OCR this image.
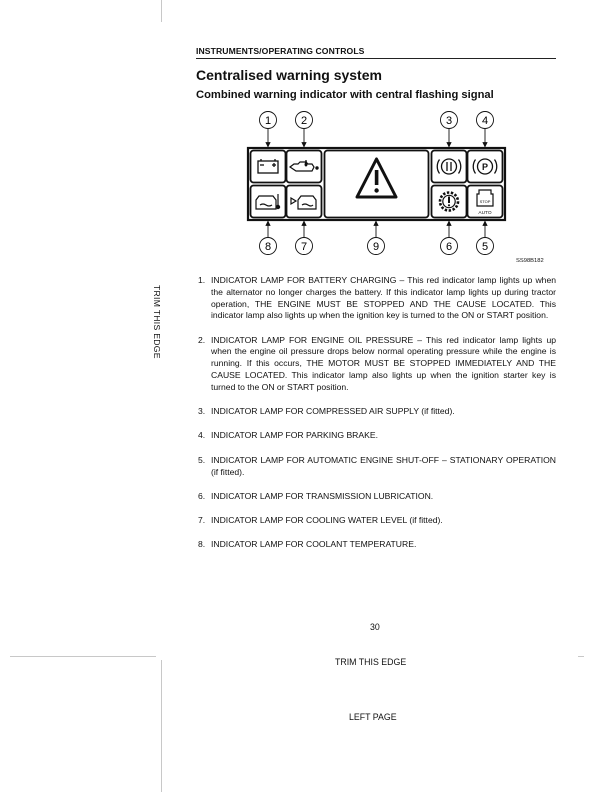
INSTRUMENTS/OPERATING CONTROLS
Centralised warning system
Combined warning indicator with central flashing signal
1	2	3	4
P
STOP
AUTO
8	7	9	6	5
SS98B182
TRIM THIS EDGE
1. INDICATOR LAMP FOR BATTERY CHARGING – This red indicator lamp lights up when the alternator no longer charges the battery. If this indicator lamp lights up during tractor operation, THE ENGINE MUST BE STOPPED AND THE CAUSE LOCATED. This indicator lamp also lights up when the ignition key is turned to the ON or START position.
2. INDICATOR LAMP FOR ENGINE OIL PRESSURE – This red indicator lamp lights up when the engine oil pressure drops below normal operating pressure while the engine is running. If this occurs, THE MOTOR MUST BE STOPPED IMMEDIATELY AND THE CAUSE LOCATED. This indicator lamp also lights up when the ignition starter key is turned to the ON or START position.
3. INDICATOR LAMP FOR COMPRESSED AIR SUPPLY (if fitted).
4. INDICATOR LAMP FOR PARKING BRAKE.
5. INDICATOR LAMP FOR AUTOMATIC ENGINE SHUT-OFF – STATIONARY OPERATION (if fitted).
6. INDICATOR LAMP FOR TRANSMISSION LUBRICATION.
7. INDICATOR LAMP FOR COOLING WATER LEVEL (if fitted).
8. INDICATOR LAMP FOR COOLANT TEMPERATURE.
30
TRIM THIS EDGE
LEFT PAGE
